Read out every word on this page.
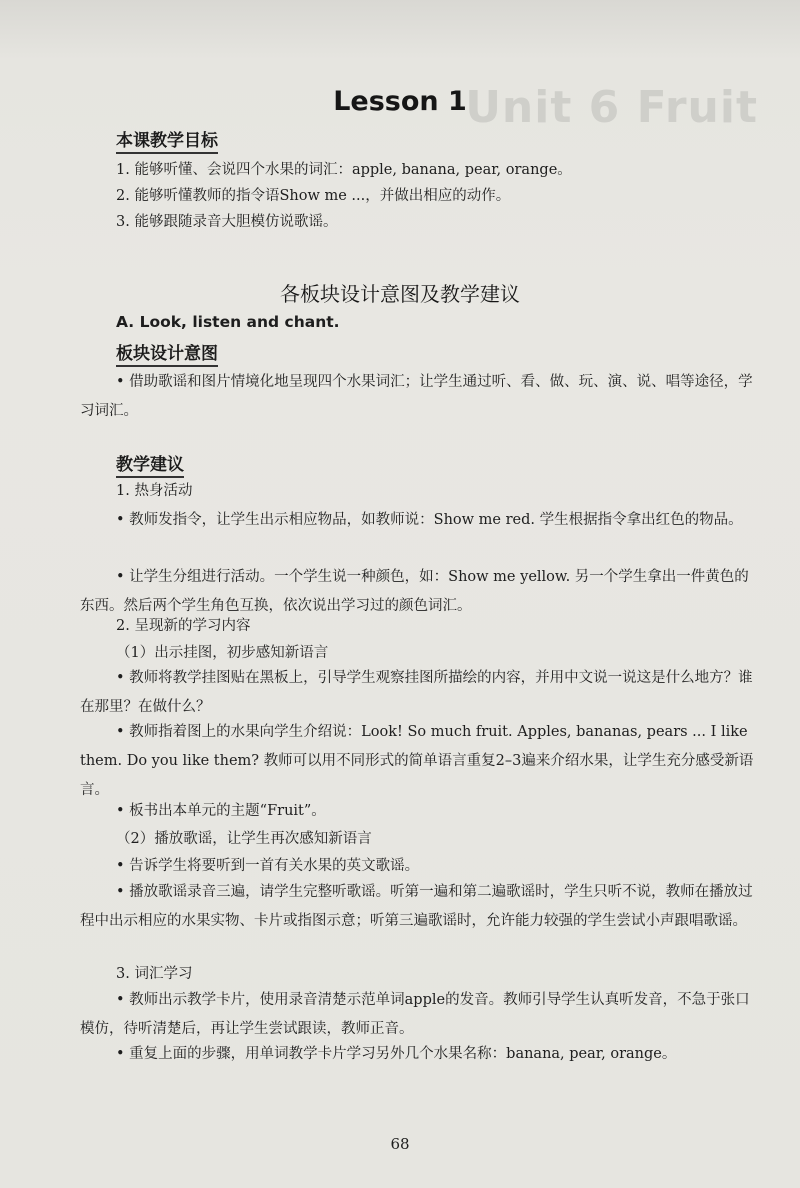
Unit 6 Fruit
Lesson 1
本课教学目标
1. 能够听懂、会说四个水果的词汇：apple, banana, pear, orange。
2. 能够听懂教师的指令语Show me ...，并做出相应的动作。
3. 能够跟随录音大胆模仿说歌谣。
各板块设计意图及教学建议
A. Look, listen and chant.
板块设计意图
• 借助歌谣和图片情境化地呈现四个水果词汇；让学生通过听、看、做、玩、演、说、唱等途径，学习词汇。
教学建议
1. 热身活动
• 教师发指令，让学生出示相应物品，如教师说：Show me red. 学生根据指令拿出红色的物品。
• 让学生分组进行活动。一个学生说一种颜色，如：Show me yellow. 另一个学生拿出一件黄色的东西。然后两个学生角色互换，依次说出学习过的颜色词汇。
2. 呈现新的学习内容
（1）出示挂图，初步感知新语言
• 教师将教学挂图贴在黑板上，引导学生观察挂图所描绘的内容，并用中文说一说这是什么地方？谁在那里？在做什么？
• 教师指着图上的水果向学生介绍说：Look! So much fruit. Apples, bananas, pears ... I like them. Do you like them? 教师可以用不同形式的简单语言重复2–3遍来介绍水果，让学生充分感受新语言。
• 板书出本单元的主题“Fruit”。
（2）播放歌谣，让学生再次感知新语言
• 告诉学生将要听到一首有关水果的英文歌谣。
• 播放歌谣录音三遍，请学生完整听歌谣。听第一遍和第二遍歌谣时，学生只听不说，教师在播放过程中出示相应的水果实物、卡片或指图示意；听第三遍歌谣时，允许能力较强的学生尝试小声跟唱歌谣。
3. 词汇学习
• 教师出示教学卡片，使用录音清楚示范单词apple的发音。教师引导学生认真听发音，不急于张口模仿，待听清楚后，再让学生尝试跟读，教师正音。
• 重复上面的步骤，用单词教学卡片学习另外几个水果名称：banana, pear, orange。
68
